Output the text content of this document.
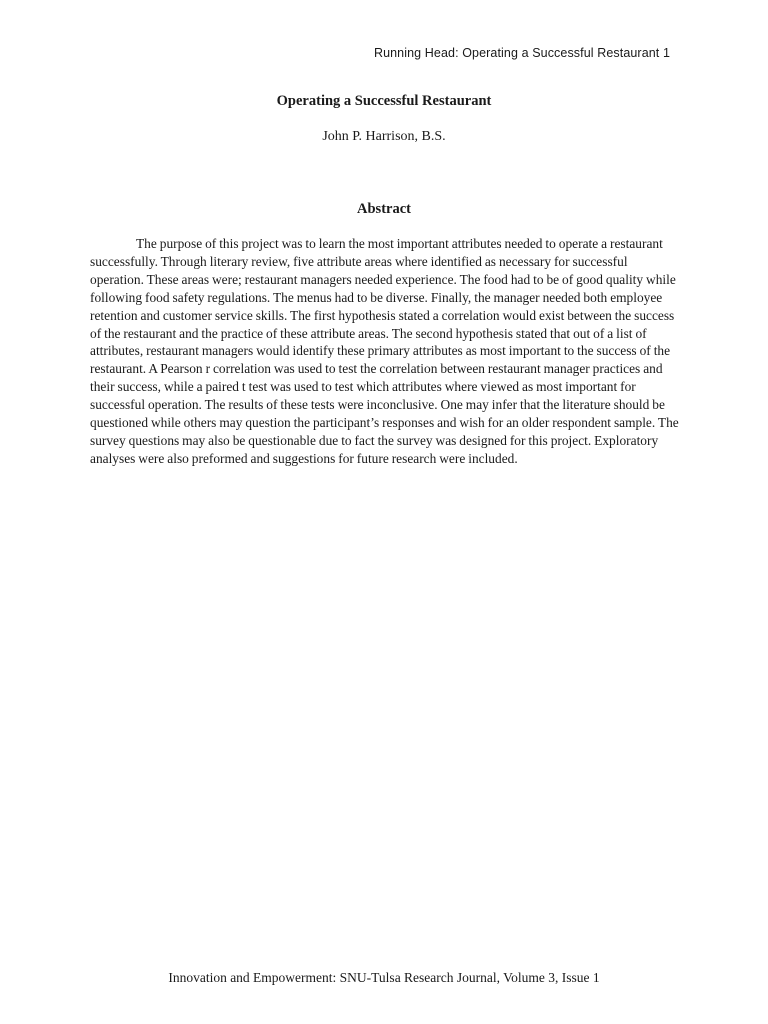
Running Head: Operating a Successful Restaurant 1
Operating a Successful Restaurant
John P. Harrison, B.S.
Abstract

The purpose of this project was to learn the most important attributes needed to operate a restaurant successfully. Through literary review, five attribute areas where identified as necessary for successful operation. These areas were; restaurant managers needed experience. The food had to be of good quality while following food safety regulations. The menus had to be diverse. Finally, the manager needed both employee retention and customer service skills. The first hypothesis stated a correlation would exist between the success of the restaurant and the practice of these attribute areas. The second hypothesis stated that out of a list of attributes, restaurant managers would identify these primary attributes as most important to the success of the restaurant. A Pearson r correlation was used to test the correlation between restaurant manager practices and their success, while a paired t test was used to test which attributes where viewed as most important for successful operation. The results of these tests were inconclusive. One may infer that the literature should be questioned while others may question the participant’s responses and wish for an older respondent sample. The survey questions may also be questionable due to fact the survey was designed for this project. Exploratory analyses were also preformed and suggestions for future research were included.

Innovation and Empowerment: SNU-Tulsa Research Journal, Volume 3, Issue 1
